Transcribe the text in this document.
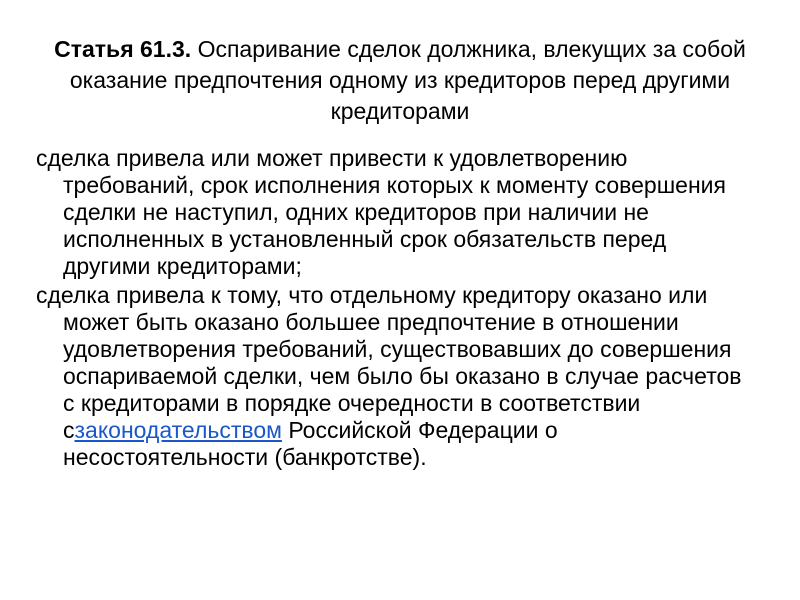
Статья 61.3. Оспаривание сделок должника, влекущих за собой оказание предпочтения одному из кредиторов перед другими кредиторами

сделка привела или может привести к удовлетворению требований, срок исполнения которых к моменту совершения сделки не наступил, одних кредиторов при наличии не исполненных в установленный срок обязательств перед другими кредиторами;

сделка привела к тому, что отдельному кредитору оказано или может быть оказано большее предпочтение в отношении удовлетворения требований, существовавших до совершения оспариваемой сделки, чем было бы оказано в случае расчетов с кредиторами в порядке очередности в соответствии сзаконодательством Российской Федерации о несостоятельности (банкротстве).
